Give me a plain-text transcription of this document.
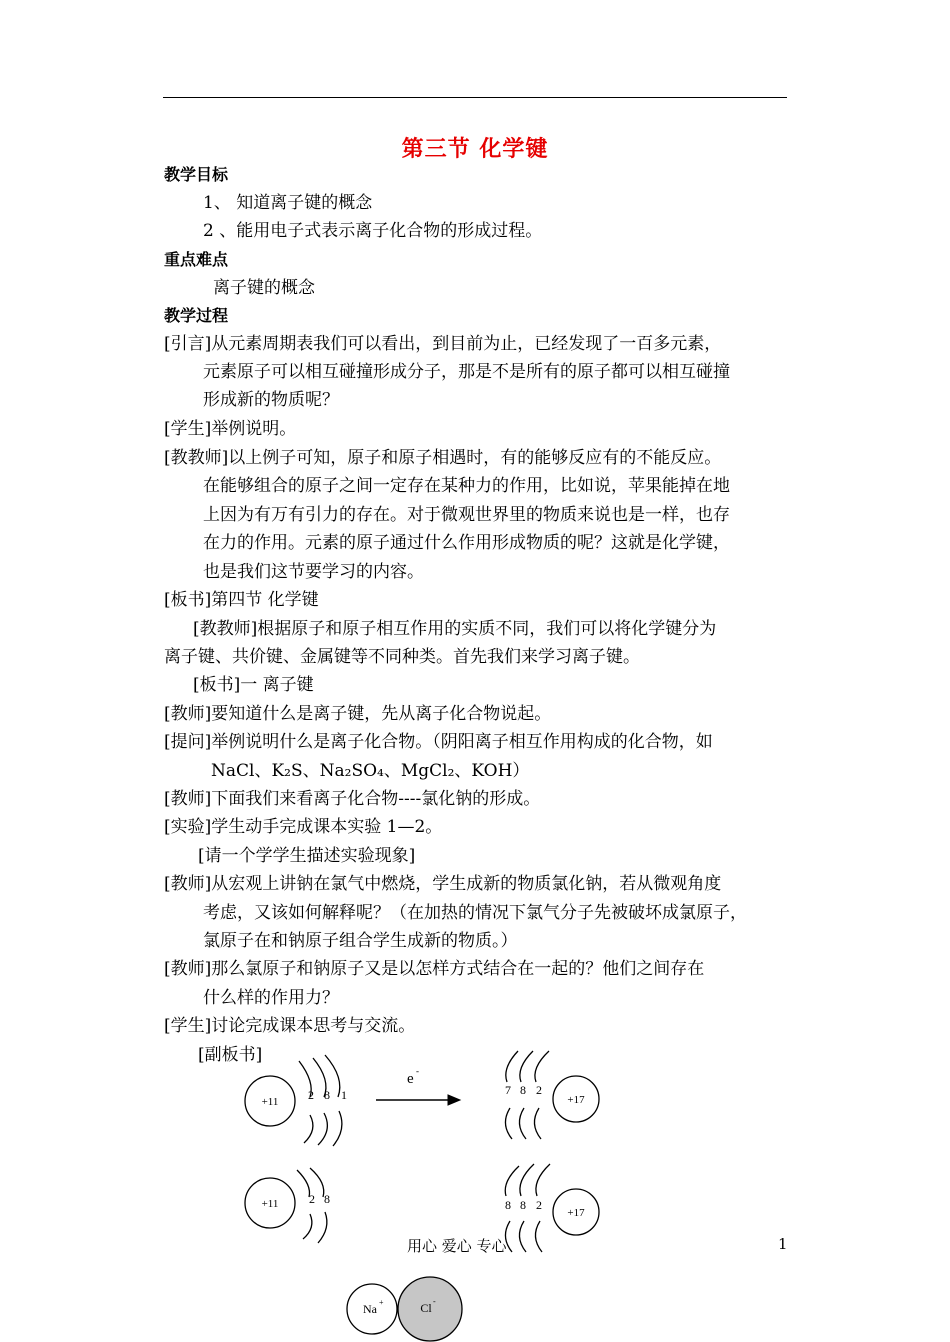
第三节 化学键
教学目标
1、 知道离子键的概念
2 、能用电子式表示离子化合物的形成过程。
重点难点
离子键的概念
教学过程
[引言]从元素周期表我们可以看出，到目前为止，已经发现了一百多元素，
元素原子可以相互碰撞形成分子，那是不是所有的原子都可以相互碰撞
形成新的物质呢？
[学生]举例说明。
[教教师]以上例子可知，原子和原子相遇时，有的能够反应有的不能反应。
在能够组合的原子之间一定存在某种力的作用，比如说，苹果能掉在地
上因为有万有引力的存在。对于微观世界里的物质来说也是一样，也存
在力的作用。元素的原子通过什么作用形成物质的呢？这就是化学键，
也是我们这节要学习的内容。
[板书]第四节 化学键
[教教师]根据原子和原子相互作用的实质不同，我们可以将化学键分为
离子键、共价键、金属键等不同种类。首先我们来学习离子键。
[板书]一 离子键
[教师]要知道什么是离子键，先从离子化合物说起。
[提问]举例说明什么是离子化合物。（阴阳离子相互作用构成的化合物，如
NaCl、K₂S、Na₂SO₄、MgCl₂、KOH）
[教师]下面我们来看离子化合物----氯化钠的形成。
[实验]学生动手完成课本实验 1—2。
[请一个学学生描述实验现象]
[教师]从宏观上讲钠在氯气中燃烧，学生成新的物质氯化钠，若从微观角度
考虑，又该如何解释呢？（在加热的情况下氯气分子先被破坏成氯原子，
氯原子在和钠原子组合学生成新的物质。）
[教师]那么氯原子和钠原子又是以怎样方式结合在一起的？他们之间存在
什么样的作用力？
[学生]讨论完成课本思考与交流。
[副板书]
+11 2 8 1
e -
7 8 2
+17
+11	2 8	8 8 2
+17
Na +	Cl -
用心 爱心 专心	1
